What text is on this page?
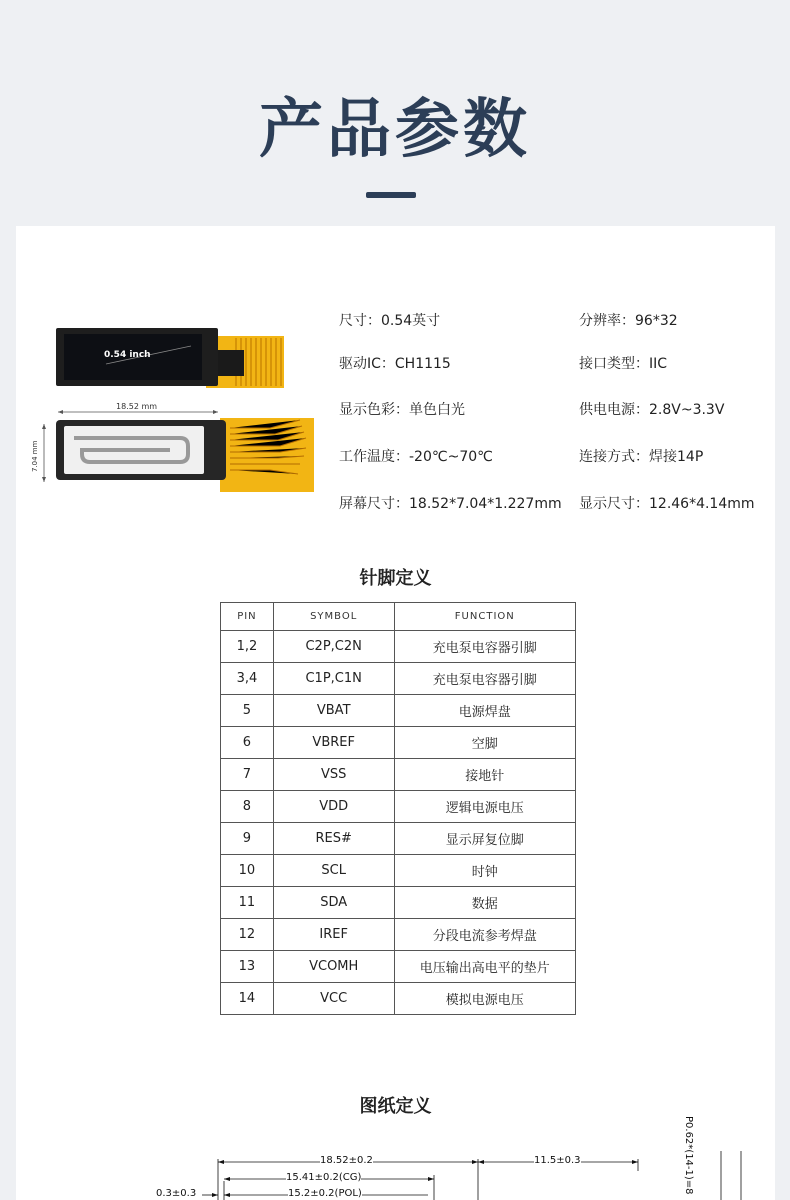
产品参数
0.54 inch
18.52 mm
7.04 mm
尺寸：0.54英寸	分辨率：96*32
驱动IC：CH1115	接口类型：IIC
显示色彩：单色白光	供电电源：2.8V~3.3V
工作温度：-20℃~70℃	连接方式：焊接14P
屏幕尺寸：18.52*7.04*1.227mm 显示尺寸：12.46*4.14mm
针脚定义
PIN	SYMBOL	FUNCTION
1,2	C2P,C2N	充电泵电容器引脚
3,4	C1P,C1N	充电泵电容器引脚
5	VBAT	电源焊盘
6	VBREF	空脚
7	VSS	接地针
8	VDD	逻辑电源电压
9	RES#	显示屏复位脚
10	SCL	时钟
11	SDA	数据
12	IREF	分段电流参考焊盘
13	VCOMH	电压输出高电平的垫片
14	VCC	模拟电源电压
图纸定义
18.52±0.2	11.5±0.3
15.41±0.2(CG)
15.2±0.2(POL)
0.3±0.3	P0.62*(14-1)=8
